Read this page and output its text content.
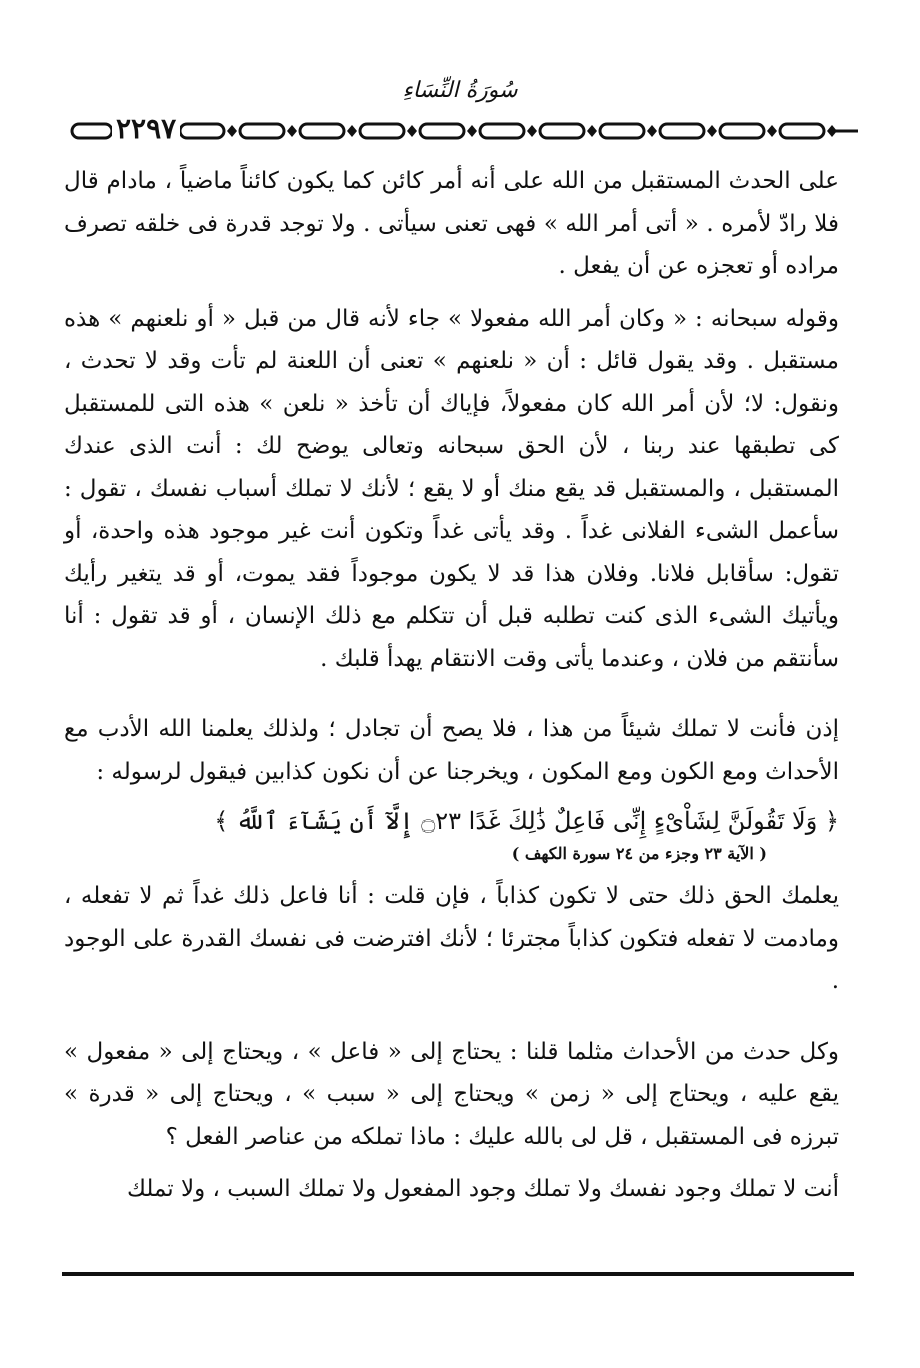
سُورَةُ النِّسَاءِ
٢٢٩٧

على الحدث المستقبل من الله على أنه أمر كائن كما يكون كائناً ماضياً ، مادام قال فلا رادّ لأمره . « أتى أمر الله » فهى تعنى سيأتى . ولا توجد قدرة فى خلقه تصرف مراده أو تعجزه عن أن يفعل .

وقوله سبحانه : « وكان أمر الله مفعولا » جاء لأنه قال من قبل « أو نلعنهم » هذه مستقبل . وقد يقول قائل : أن « نلعنهم » تعنى أن اللعنة لم تأت وقد لا تحدث ، ونقول: لا؛ لأن أمر الله كان مفعولاً، فإياك أن تأخذ « نلعن » هذه التى للمستقبل كى تطبقها عند ربنا ، لأن الحق سبحانه وتعالى يوضح لك : أنت الذى عندك المستقبل ، والمستقبل قد يقع منك أو لا يقع ؛ لأنك لا تملك أسباب نفسك ، تقول : سأعمل الشىء الفلانى غداً . وقد يأتى غداً وتكون أنت غير موجود هذه واحدة، أو تقول: سأقابل فلانا. وفلان هذا قد لا يكون موجوداً فقد يموت، أو قد يتغير رأيك ويأتيك الشىء الذى كنت تطلبه قبل أن تتكلم مع ذلك الإنسان ، أو قد تقول : أنا سأنتقم من فلان ، وعندما يأتى وقت الانتقام يهدأ قلبك .

إذن فأنت لا تملك شيئاً من هذا ، فلا يصح أن تجادل ؛ ولذلك يعلمنا الله الأدب مع الأحداث ومع الكون ومع المكون ، ويخرجنا عن أن نكون كذابين فيقول لرسوله :

﴿ وَلَا تَقُولَنَّ لِشَاْىْءٍ إِنِّى فَاعِلٌ ذَٰلِكَ غَدًا ۝٢٣ إِلَّآ أَن يَشَآءَ ٱللَّهُ ﴾
( الآية ٢٣ وجزء من ٢٤ سورة الكهف )

يعلمك الحق ذلك حتى لا تكون كذاباً ، فإن قلت : أنا فاعل ذلك غداً ثم لا تفعله ، ومادمت لا تفعله فتكون كذاباً مجترئا ؛ لأنك افترضت فى نفسك القدرة على الوجود .

وكل حدث من الأحداث مثلما قلنا : يحتاج إلى « فاعل » ، ويحتاج إلى « مفعول » يقع عليه ، ويحتاج إلى « زمن » ويحتاج إلى « سبب » ، ويحتاج إلى « قدرة » تبرزه فى المستقبل ، قل لى بالله عليك : ماذا تملكه من عناصر الفعل ؟

أنت لا تملك وجود نفسك ولا تملك وجود المفعول ولا تملك السبب ، ولا تملك
